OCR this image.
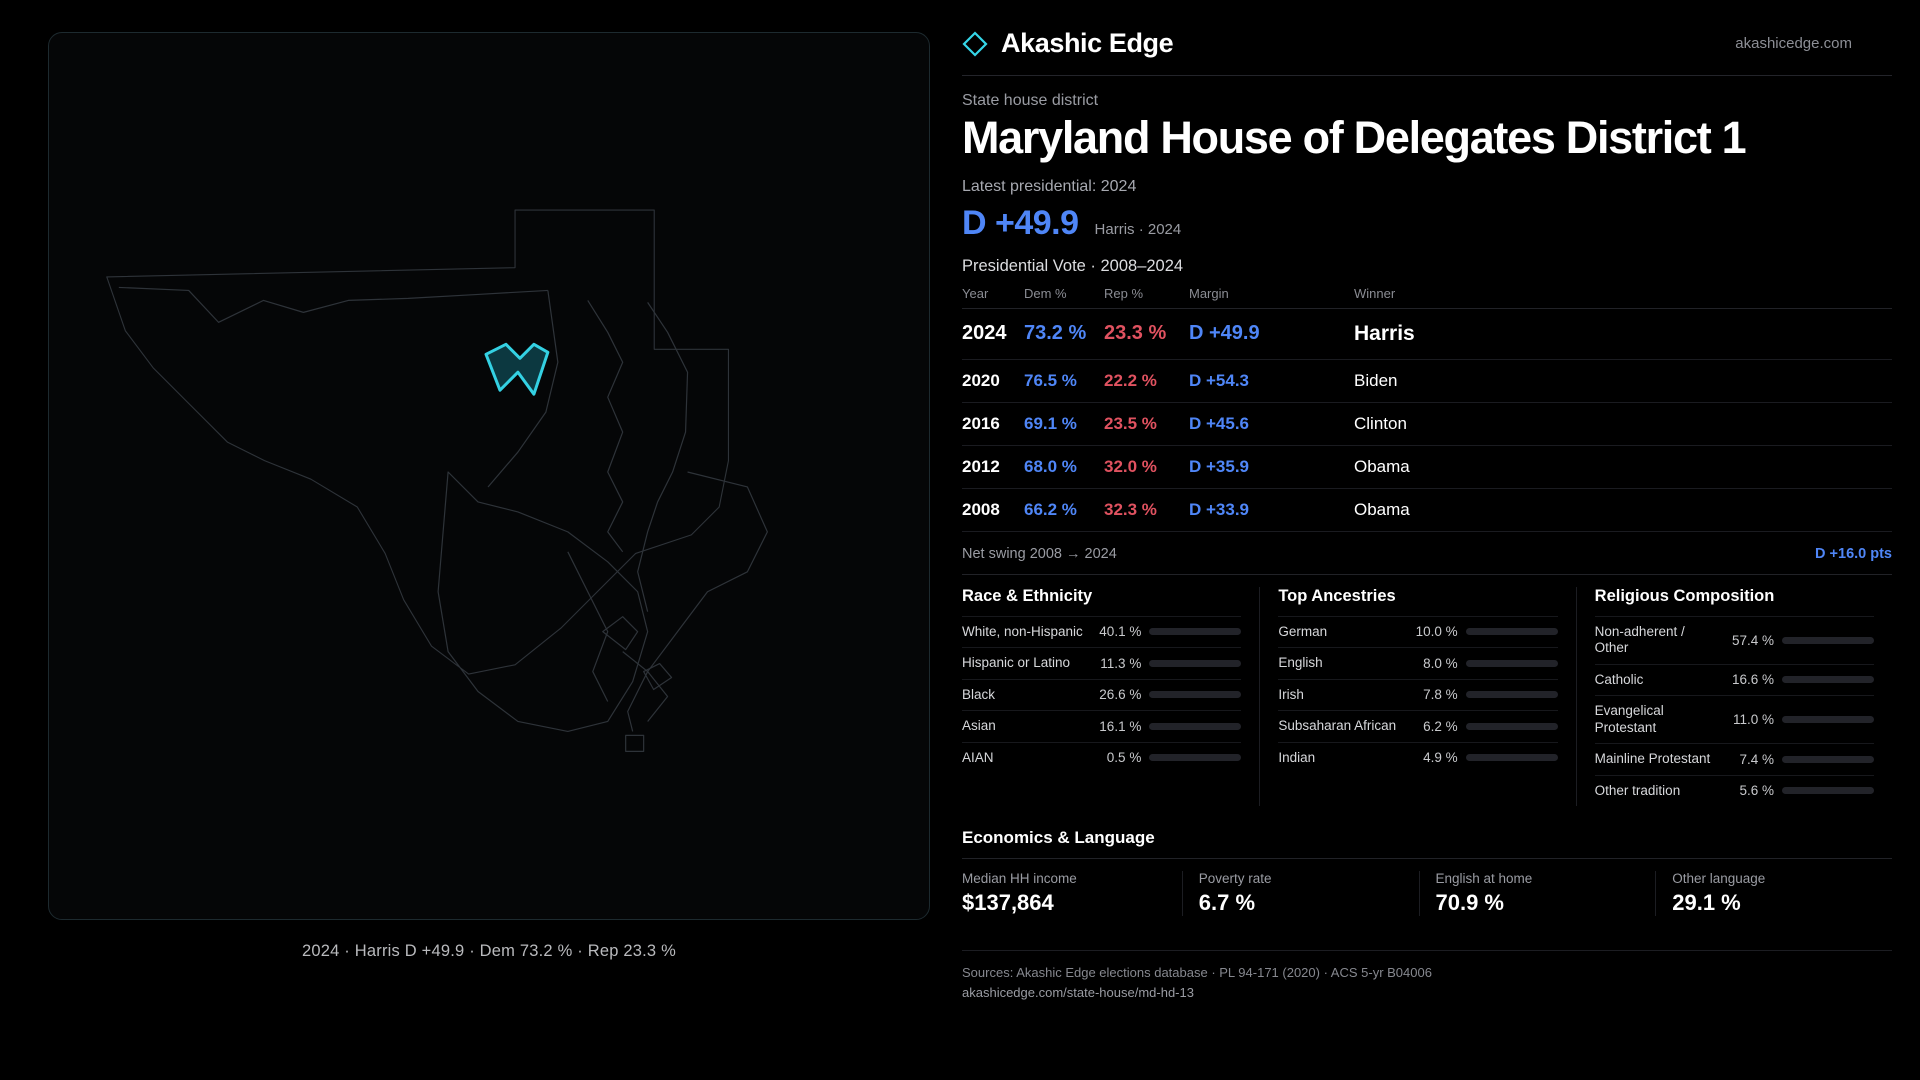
2024 · Harris D +49.9 · Dem 73.2 % · Rep 23.3 %
Akashic Edge	akashicedge.com
State house district
Maryland House of Delegates District 1
Latest presidential: 2024
D +49.9 Harris · 2024
Presidential Vote · 2008–2024
Year	Dem %	Rep %	Margin	Winner
2024	73.2 %	23.3 %	D +49.9	Harris
2020	76.5 %	22.2 %	D +54.3	Biden
2016	69.1 %	23.5 %	D +45.6	Clinton
2012	68.0 %	32.0 %	D +35.9	Obama
2008	66.2 %	32.3 %	D +33.9	Obama
Net swing 2008 → 2024	D +16.0 pts
Race & Ethnicity
White, non-Hispanic	40.1 %
Hispanic or Latino	11.3 %
Black	26.6 %
Asian	16.1 %
AIAN	0.5 %
Top Ancestries
German	10.0 %
English	8.0 %
Irish	7.8 %
Subsaharan African	6.2 %
Indian	4.9 %
Religious Composition
Non-adherent / Other	57.4 %
Catholic	16.6 %
Evangelical Protestant	11.0 %
Mainline Protestant	7.4 %
Other tradition	5.6 %
Economics & Language
Median HH income
$137,864
Poverty rate
6.7 %
English at home
70.9 %
Other language
29.1 %
Sources: Akashic Edge elections database · PL 94-171 (2020) · ACS 5-yr B04006
akashicedge.com/state-house/md-hd-13
